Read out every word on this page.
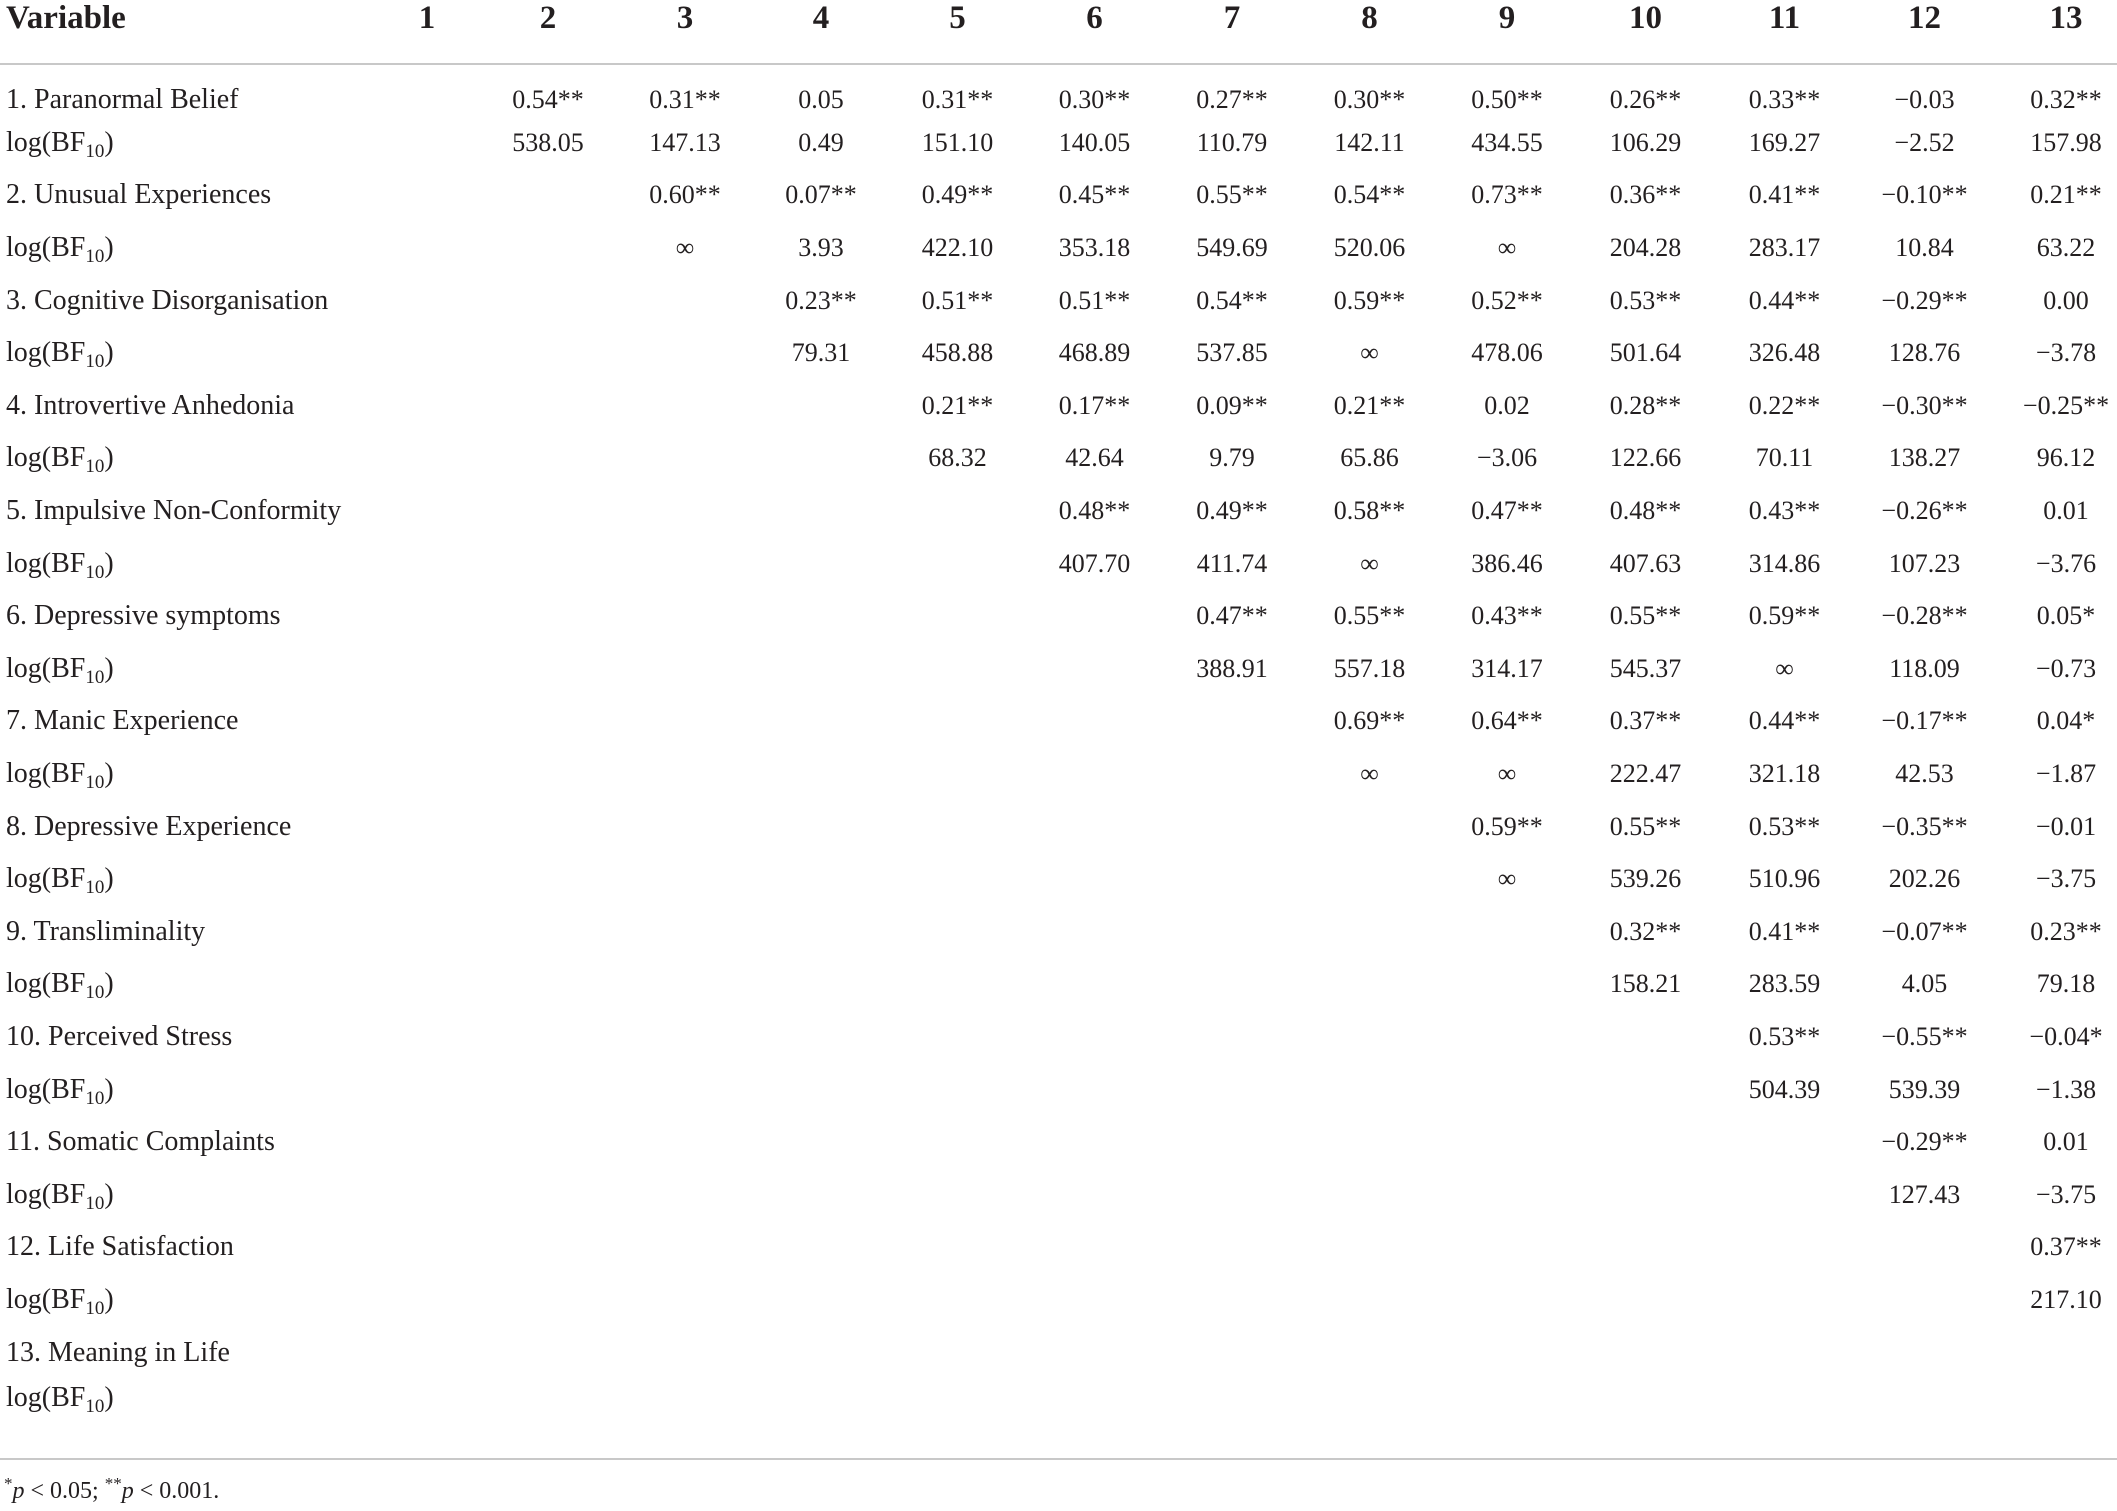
Variable	1	2	3	4	5	6	7	8	9	10	11	12	13
1. Paranormal Belief		0.54**	0.31**	0.05	0.31**	0.30**	0.27**	0.30**	0.50**	0.26**	0.33**	−0.03	0.32**
$\log(BF_{10})$		538.05	147.13	0.49	151.10	140.05	110.79	142.11	434.55	106.29	169.27	−2.52	157.98
2. Unusual Experiences			0.60**	0.07**	0.49**	0.45**	0.55**	0.54**	0.73**	0.36**	0.41**	−0.10**	0.21**
$\log(BF_{10})$			∞	3.93	422.10	353.18	549.69	520.06	∞	204.28	283.17	10.84	63.22
3. Cognitive Disorganisation				0.23**	0.51**	0.51**	0.54**	0.59**	0.52**	0.53**	0.44**	−0.29**	0.00
$\log(BF_{10})$				79.31	458.88	468.89	537.85	∞	478.06	501.64	326.48	128.76	−3.78
4. Introvertive Anhedonia					0.21**	0.17**	0.09**	0.21**	0.02	0.28**	0.22**	−0.30**	−0.25**
$\log(BF_{10})$					68.32	42.64	9.79	65.86	−3.06	122.66	70.11	138.27	96.12
5. Impulsive Non-Conformity						0.48**	0.49**	0.58**	0.47**	0.48**	0.43**	−0.26**	0.01
$\log(BF_{10})$						407.70	411.74	∞	386.46	407.63	314.86	107.23	−3.76
6. Depressive symptoms							0.47**	0.55**	0.43**	0.55**	0.59**	−0.28**	0.05*
$\log(BF_{10})$							388.91	557.18	314.17	545.37	∞	118.09	−0.73
7. Manic Experience								0.69**	0.64**	0.37**	0.44**	−0.17**	0.04*
$\log(BF_{10})$								∞	∞	222.47	321.18	42.53	−1.87
8. Depressive Experience									0.59**	0.55**	0.53**	−0.35**	−0.01
$\log(BF_{10})$									∞	539.26	510.96	202.26	−3.75
9. Transliminality										0.32**	0.41**	−0.07**	0.23**
$\log(BF_{10})$										158.21	283.59	4.05	79.18
10. Perceived Stress											0.53**	−0.55**	−0.04*
$\log(BF_{10})$											504.39	539.39	−1.38
11. Somatic Complaints												−0.29**	0.01
$\log(BF_{10})$												127.43	−3.75
12. Life Satisfaction													0.37**
$\log(BF_{10})$													217.10
13. Meaning in Life													
$\log(BF_{10})$													
*p < 0.05; **p < 0.001.
